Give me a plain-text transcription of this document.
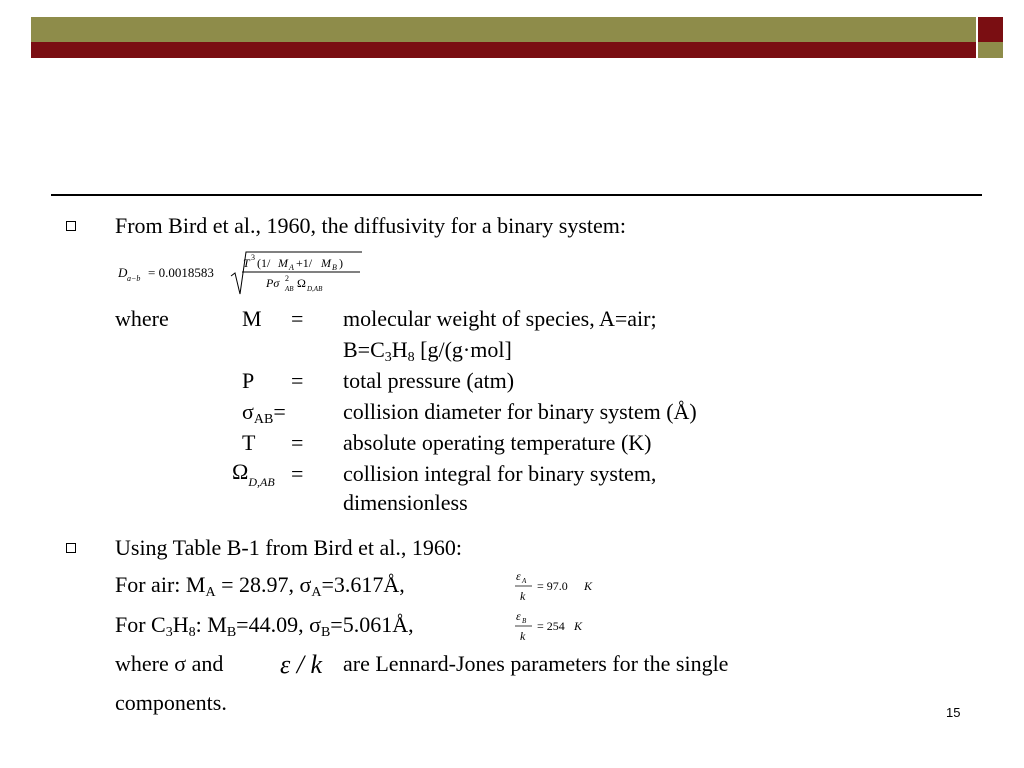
From Bird et al., 1960, the diffusivity for a binary system:
D a−b = 0.0018583
T 3 (1/ M A +1/ M B )
Pσ 2
AB Ω D,AB
where	M = molecular weight of species, A=air;
$B=C_3H_8$ [g/(g·mol]
P = total pressure (atm)
$\sigma_{AB}=$	collision diameter for binary system (Å)
T = absolute operating temperature (K)
$\Omega_{D,AB}$ = collision integral for binary system,
dimensionless
Using Table B-1 from Bird et al., 1960:
For air: $M_A = 28.97$, $\sigma_A=3.617Å$,	ε A
k
= 97.0 K
For $C_3H_8$: $M_B=44.09$, $\sigma_B=5.061Å$,	ε B
k
= 254 K
where σ and ε / k are Lennard-Jones parameters for the single
components.	15
